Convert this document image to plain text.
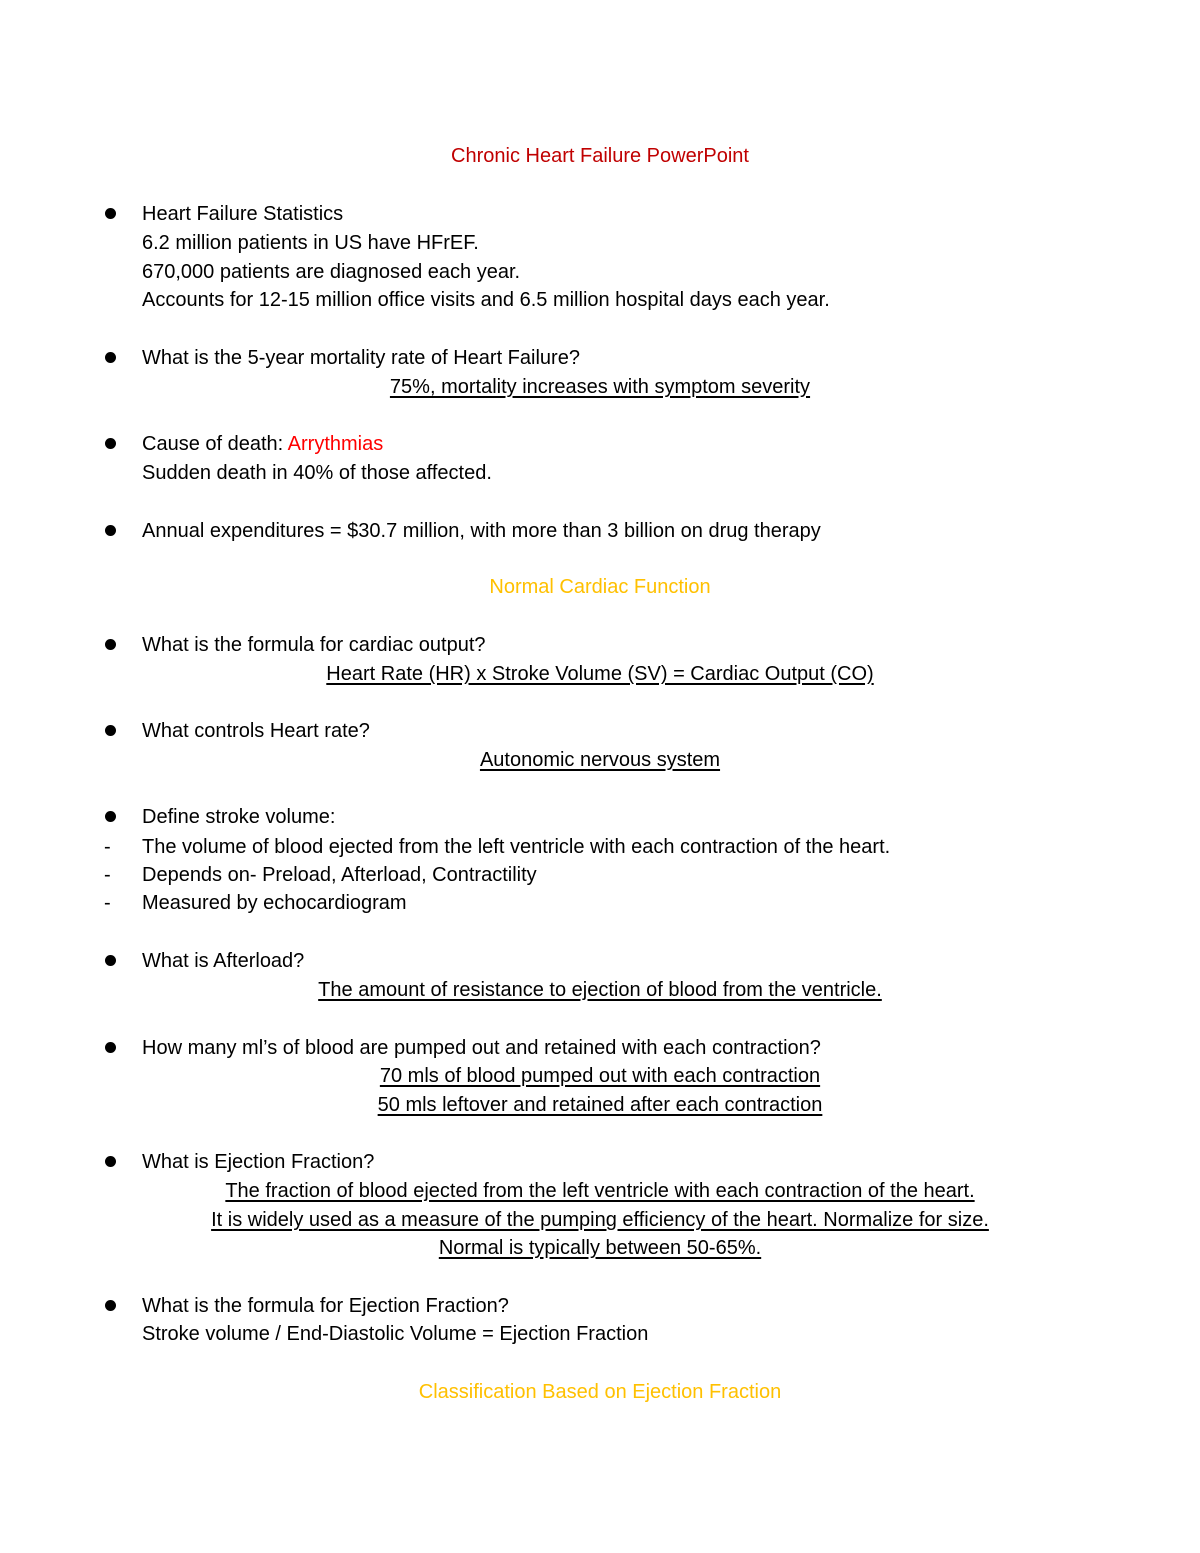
Chronic Heart Failure PowerPoint
Heart Failure Statistics
6.2 million patients in US have HFrEF.
670,000 patients are diagnosed each year.
Accounts for 12-15 million office visits and 6.5 million hospital days each year.
What is the 5-year mortality rate of Heart Failure?
75%, mortality increases with symptom severity
Cause of death: Arrythmias
Sudden death in 40% of those affected.
Annual expenditures = $30.7 million, with more than 3 billion on drug therapy
Normal Cardiac Function
What is the formula for cardiac output?
Heart Rate (HR) x Stroke Volume (SV) = Cardiac Output (CO)
What controls Heart rate?
Autonomic nervous system
Define stroke volume:
- The volume of blood ejected from the left ventricle with each contraction of the heart.
- Depends on- Preload, Afterload, Contractility
- Measured by echocardiogram
What is Afterload?
The amount of resistance to ejection of blood from the ventricle.
How many ml’s of blood are pumped out and retained with each contraction?
70 mls of blood pumped out with each contraction
50 mls leftover and retained after each contraction
What is Ejection Fraction?
The fraction of blood ejected from the left ventricle with each contraction of the heart.
It is widely used as a measure of the pumping efficiency of the heart. Normalize for size.
Normal is typically between 50-65%.
What is the formula for Ejection Fraction?
Stroke volume / End-Diastolic Volume = Ejection Fraction
Classification Based on Ejection Fraction
